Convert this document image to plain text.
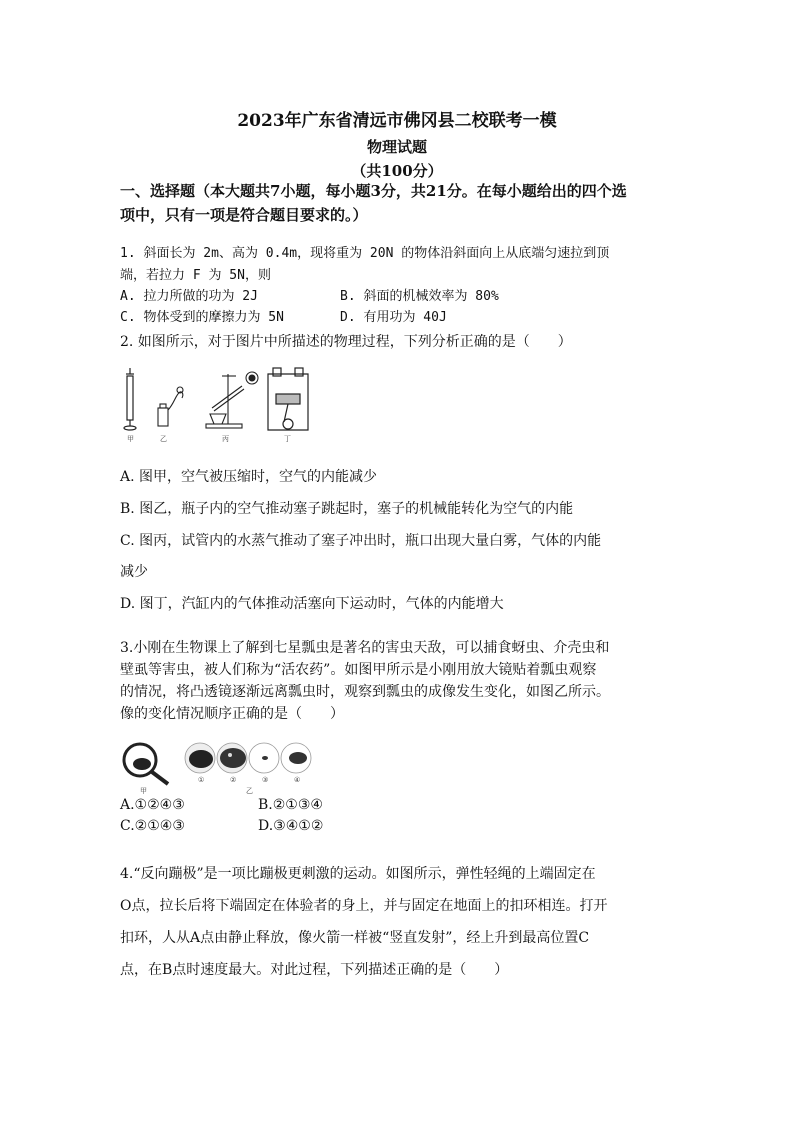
2023年广东省清远市佛冈县二校联考一模
物理试题
（共100分）
一、选择题（本大题共7小题，每小题3分，共21分。在每小题给出的四个选
项中，只有一项是符合题目要求的。）
1. 斜面长为 2m、高为 0.4m，现将重为 20N 的物体沿斜面向上从底端匀速拉到顶
端，若拉力 F 为 5N，则
A. 拉力所做的功为 2J	B. 斜面的机械效率为 80%
C. 物体受到的摩擦力为 5N	D. 有用功为 40J
2. 如图所示，对于图片中所描述的物理过程，下列分析正确的是（　　）
甲	乙	丙	丁
A. 图甲，空气被压缩时，空气的内能减少
B. 图乙，瓶子内的空气推动塞子跳起时，塞子的机械能转化为空气的内能
C. 图丙，试管内的水蒸气推动了塞子冲出时，瓶口出现大量白雾，气体的内能
减少
D. 图丁，汽缸内的气体推动活塞向下运动时，气体的内能增大
3.小刚在生物课上了解到七星瓢虫是著名的害虫天敌，可以捕食蚜虫、介壳虫和
壁虱等害虫，被人们称为“活农药”。如图甲所示是小刚用放大镜贴着瓢虫观察
的情况，将凸透镜逐渐远离瓢虫时，观察到瓢虫的成像发生变化，如图乙所示。
像的变化情况顺序正确的是（　　）
①	②	③	④
甲	乙
A.①②④③	B.②①③④
C.②①④③	D.③④①②
4.“反向蹦极”是一项比蹦极更刺激的运动。如图所示，弹性轻绳的上端固定在
O点，拉长后将下端固定在体验者的身上，并与固定在地面上的扣环相连。打开
扣环，人从A点由静止释放，像火箭一样被“竖直发射”，经上升到最高位置C
点，在B点时速度最大。对此过程，下列描述正确的是（　　）
